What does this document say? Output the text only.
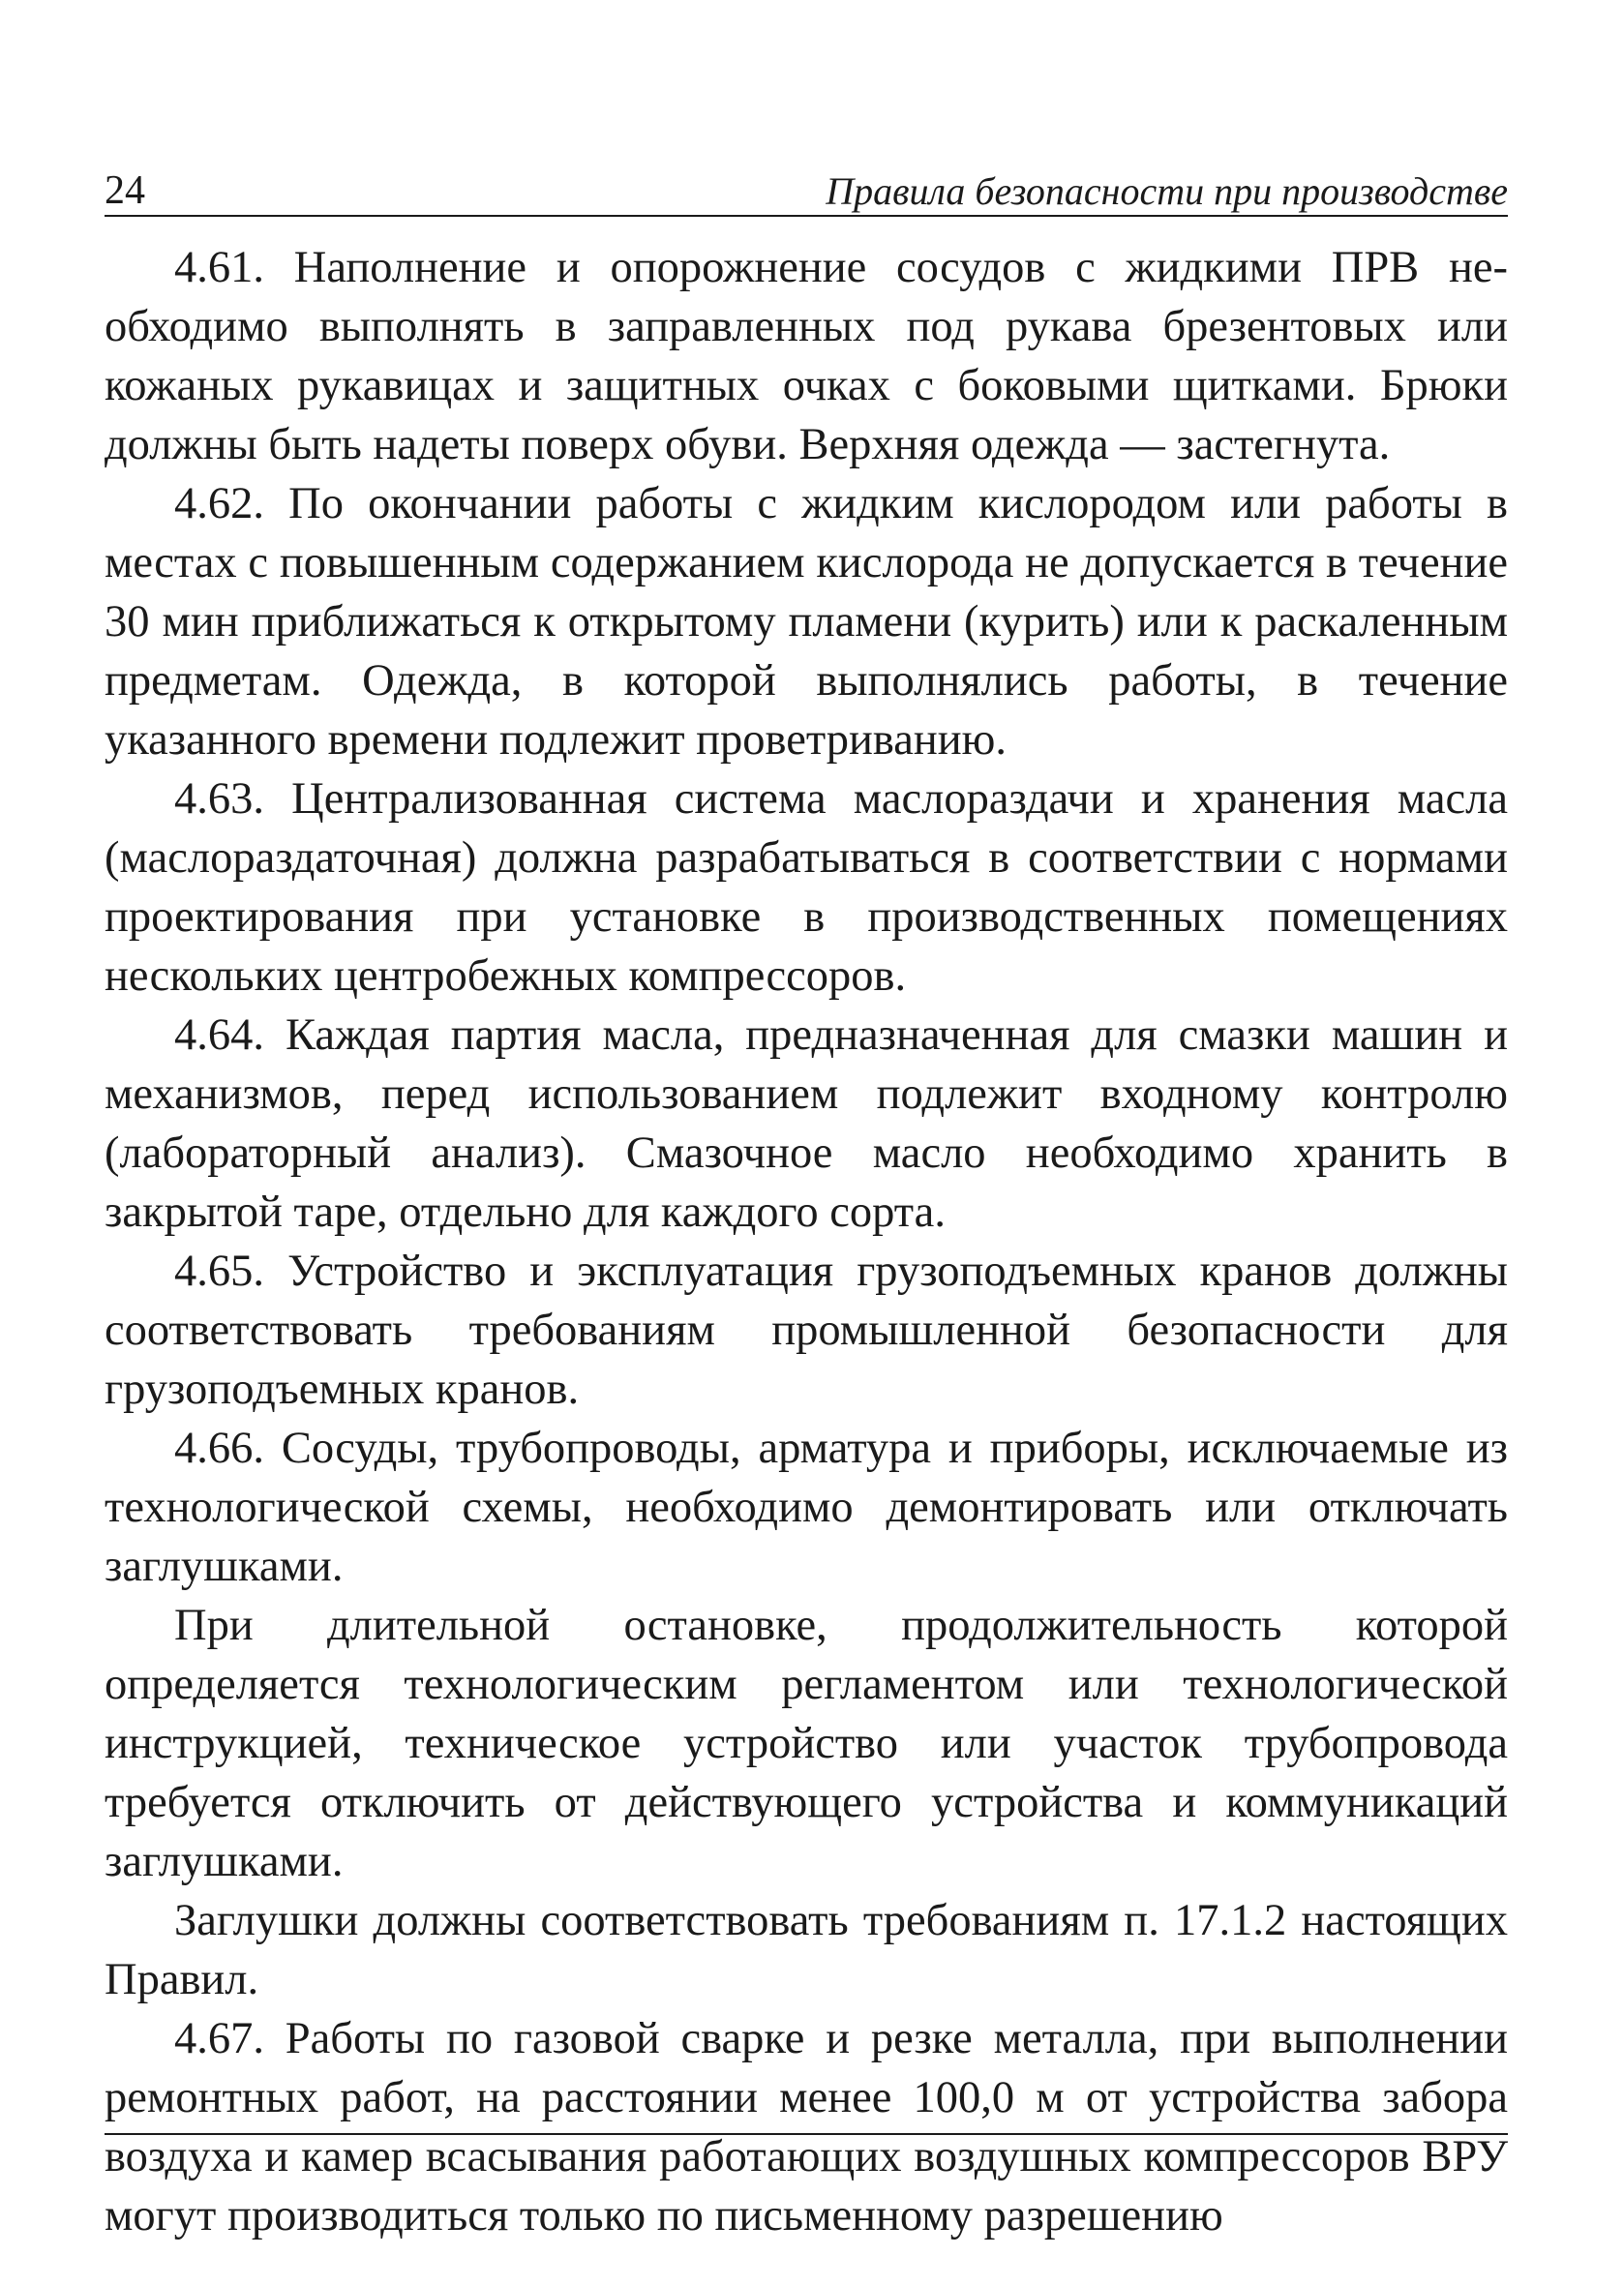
24	Правила безопасности при производстве

4.61. Наполнение и опорожнение сосудов с жидкими ПРВ необходимо выполнять в заправленных под рукава брезентовых или кожаных рукавицах и защитных очках с боковыми щитками. Брюки должны быть надеты поверх обуви. Верхняя одежда — застегнута.

4.62. По окончании работы с жидким кислородом или работы в местах с повышенным содержанием кислорода не допускается в течение 30 мин приближаться к открытому пламени (курить) или к раскаленным предметам. Одежда, в которой выполнялись работы, в течение указанного времени подлежит проветриванию.

4.63. Централизованная система маслораздачи и хранения масла (маслораздаточная) должна разрабатываться в соответствии с нормами проектирования при установке в производственных помещениях нескольких центробежных компрессоров.

4.64. Каждая партия масла, предназначенная для смазки машин и механизмов, перед использованием подлежит входному контролю (лабораторный анализ). Смазочное масло необходимо хранить в закрытой таре, отдельно для каждого сорта.

4.65. Устройство и эксплуатация грузоподъемных кранов должны соответствовать требованиям промышленной безопасности для грузоподъемных кранов.

4.66. Сосуды, трубопроводы, арматура и приборы, исключаемые из технологической схемы, необходимо демонтировать или отключать заглушками.

При длительной остановке, продолжительность которой определяется технологическим регламентом или технологической инструкцией, техническое устройство или участок трубопровода требуется отключить от действующего устройства и коммуникаций заглушками.

Заглушки должны соответствовать требованиям п. 17.1.2 настоящих Правил.

4.67. Работы по газовой сварке и резке металла, при выполнении ремонтных работ, на расстоянии менее 100,0 м от устройства забора воздуха и камер всасывания работающих воздушных компрессоров ВРУ могут производиться только по письменному разрешению
